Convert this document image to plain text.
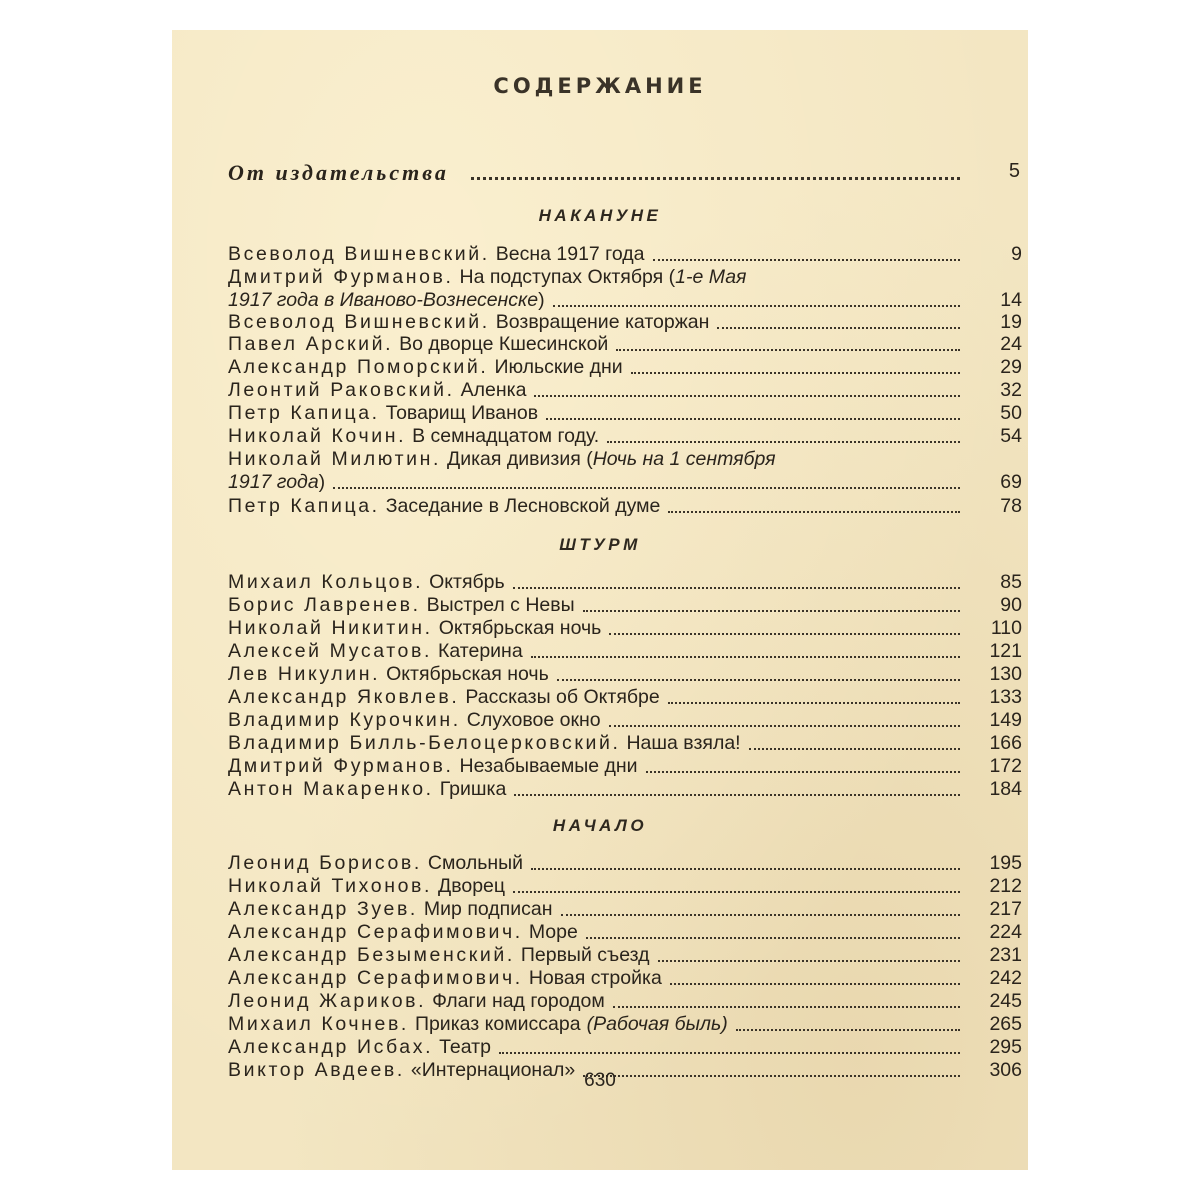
СОДЕРЖАНИЕ
От издательства	5
НАКАНУНЕ
ШТУРМ
НАЧАЛО
Всеволод Вишневский. Весна 1917 года	9
Дмитрий Фурманов. На подступах Октября ( 1-е Мая
1917 года в Иваново-Вознесенске )	14
Всеволод Вишневский. Возвращение каторжан	19
Павел Арский. Во дворце Кшесинской	24
Александр Поморский. Июльские дни	29
Леонтий Раковский. Аленка	32
Петр Капица. Товарищ Иванов	50
Николай Кочин. В семнадцатом году.	54
Николай Милютин. Дикая дивизия ( Ночь на 1 сентября
1917 года )	69
Петр Капица. Заседание в Лесновской думе	78
Михаил Кольцов. Октябрь	85
Борис Лавренев. Выстрел с Невы	90
Николай Никитин. Октябрьская ночь	110
Алексей Мусатов. Катерина	121
Лев Никулин. Октябрьская ночь	130
Александр Яковлев. Рассказы об Октябре	133
Владимир Курочкин. Слуховое окно	149
Владимир Билль-Белоцерковский. Наша взяла!	166
Дмитрий Фурманов. Незабываемые дни	172
Антон Макаренко. Гришка	184
Леонид Борисов. Смольный	195
Николай Тихонов. Дворец	212
Александр Зуев. Мир подписан	217
Александр Серафимович. Море	224
Александр Безыменский. Первый съезд	231
Александр Серафимович. Новая стройка	242
Леонид Жариков. Флаги над городом	245
Михаил Кочнев. Приказ комиссара (Рабочая быль)	265
Александр Исбах. Театр	295
Виктор Авдеев. «Интернационал»	306
630
